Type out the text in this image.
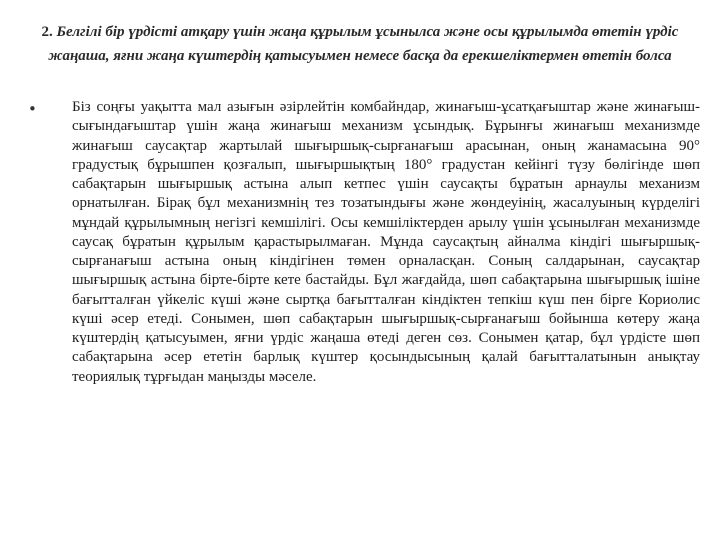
2. Белгілі бір үрдісті атқару үшін жаңа құрылым ұсынылса және осы құрылымда өтетін үрдіс жаңаша, яғни жаңа күштердің қатысуымен немесе басқа да ерекшеліктермен өтетін болса
• Біз соңғы уақытта мал азығын әзірлейтін комбайндар, жинағыш-ұсатқағыштар және жинағыш-сығындағыштар үшін жаңа жинағыш механизм ұсындық. Бұрынғы жинағыш механизмде жинағыш саусақтар жартылай шығыршық-сырғанағыш арасынан, оның жанамасына 90° градустық бұрышпен қозғалып, шығыршықтың 180° градустан кейінгі түзу бөлігінде шөп сабақтарын шығыршық астына алып кетпес үшін саусақты бұратын арнаулы механизм орнатылған. Бірақ бұл механизмнің тез тозатындығы және жөндеуінің, жасалуының күрделігі мұндай құрылымның негізгі кемшілігі. Осы кемшіліктерден арылу үшін ұсынылған механизмде саусақ бұратын құрылым қарастырылмаған. Мұнда саусақтың айналма кіндігі шығыршық-сырғанағыш астына оның кіндігінен төмен орналасқан. Соның салдарынан, саусақтар шығыршық астына бірте-бірте кете бастайды. Бұл жағдайда, шөп сабақтарына шығыршық ішіне бағытталған үйкеліс күші және сыртқа бағытталған кіндіктен тепкіш күш пен бірге Кориолис күші әсер етеді. Сонымен, шөп сабақтарын шығыршық-сырғанағыш бойынша көтеру жаңа күштердің қатысуымен, яғни үрдіс жаңаша өтеді деген сөз. Сонымен қатар, бұл үрдісте шөп сабақтарына әсер ететін барлық күштер қосындысының қалай бағытталатынын анықтау теориялық тұрғыдан маңызды мәселе.
